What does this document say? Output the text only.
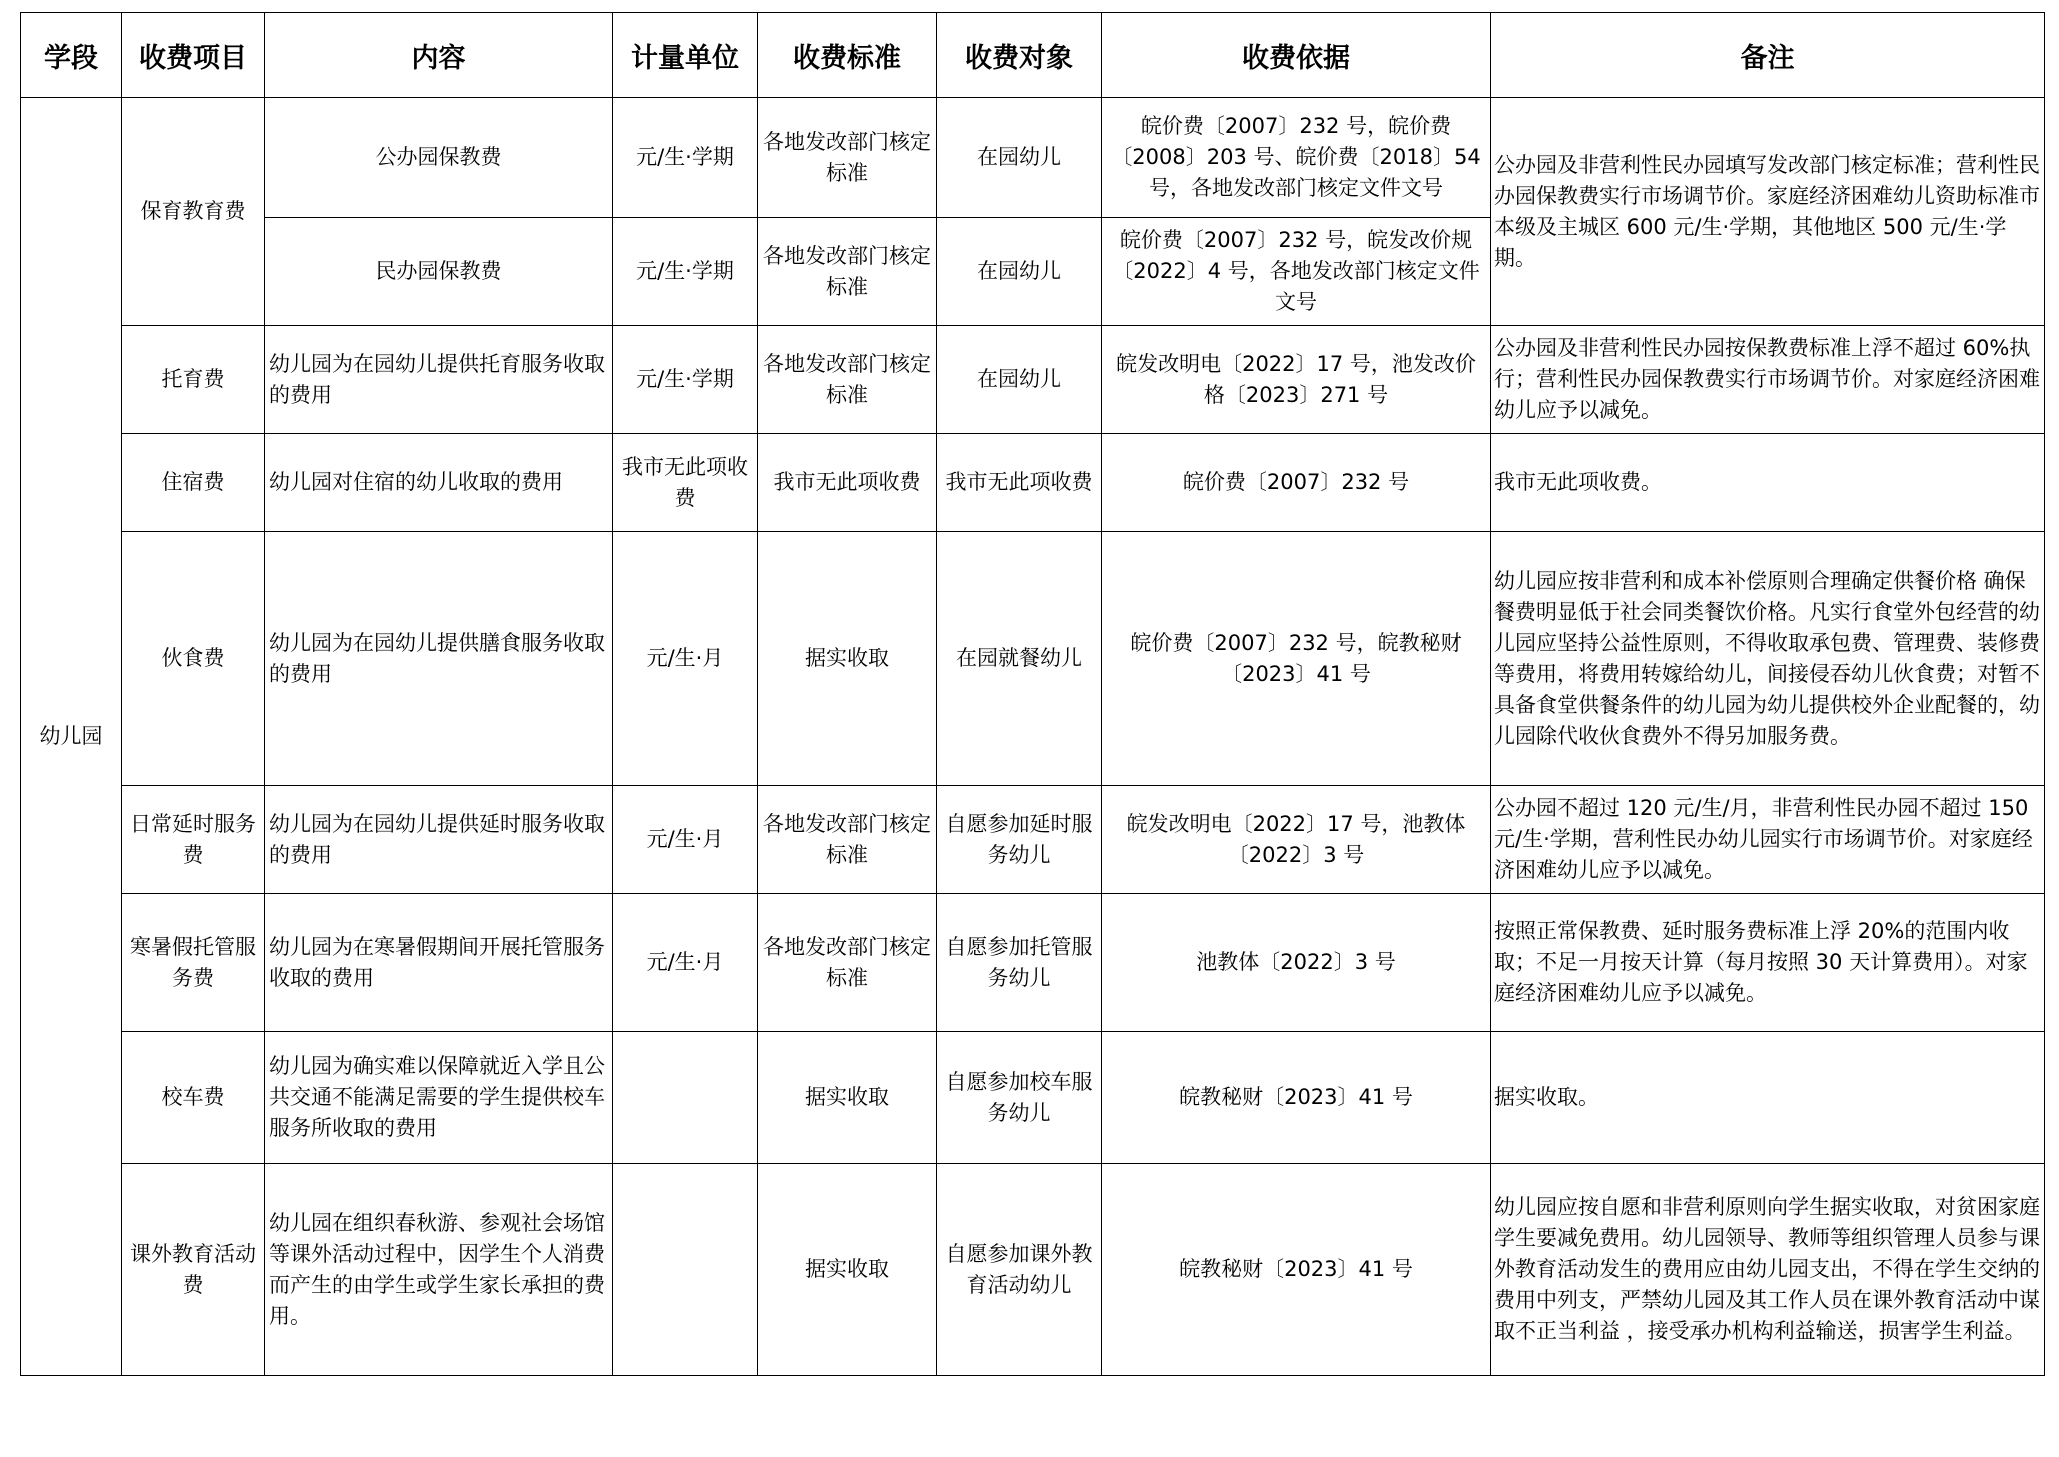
学段	收费项目	内容	计量单位	收费标准	收费对象	收费依据	备注
幼儿园	保育教育费	公办园保教费	元/生·学期	各地发改部门核定标准	在园幼儿	皖价费〔2007〕232 号，皖价费〔2008〕203 号、皖价费〔2018〕54 号，各地发改部门核定文件文号	公办园及非营利性民办园填写发改部门核定标准；营利性民办园保教费实行市场调节价。家庭经济困难幼儿资助标准市本级及主城区 600 元/生·学期，其他地区 500 元/生·学期。
		民办园保教费	元/生·学期	各地发改部门核定标准	在园幼儿	皖价费〔2007〕232 号，皖发改价规〔2022〕4 号，各地发改部门核定文件文号	
	托育费	幼儿园为在园幼儿提供托育服务收取的费用	元/生·学期	各地发改部门核定标准	在园幼儿	皖发改明电〔2022〕17 号，池发改价格〔2023〕271 号	公办园及非营利性民办园按保教费标准上浮不超过 60%执行；营利性民办园保教费实行市场调节价。对家庭经济困难幼儿应予以减免。
	住宿费	幼儿园对住宿的幼儿收取的费用	我市无此项收费	我市无此项收费	我市无此项收费	皖价费〔2007〕232 号	我市无此项收费。
	伙食费	幼儿园为在园幼儿提供膳食服务收取的费用	元/生·月	据实收取	在园就餐幼儿	皖价费〔2007〕232 号，皖教秘财〔2023〕41 号	幼儿园应按非营利和成本补偿原则合理确定供餐价格 确保餐费明显低于社会同类餐饮价格。凡实行食堂外包经营的幼儿园应坚持公益性原则，不得收取承包费、管理费、装修费等费用，将费用转嫁给幼儿，间接侵吞幼儿伙食费；对暂不具备食堂供餐条件的幼儿园为幼儿提供校外企业配餐的，幼儿园除代收伙食费外不得另加服务费。
	日常延时服务费	幼儿园为在园幼儿提供延时服务收取的费用	元/生·月	各地发改部门核定标准	自愿参加延时服务幼儿	皖发改明电〔2022〕17 号，池教体〔2022〕3 号	公办园不超过 120 元/生/月，非营利性民办园不超过 150 元/生·学期，营利性民办幼儿园实行市场调节价。对家庭经济困难幼儿应予以减免。
	寒暑假托管服务费	幼儿园为在寒暑假期间开展托管服务收取的费用	元/生·月	各地发改部门核定标准	自愿参加托管服务幼儿	池教体〔2022〕3 号	按照正常保教费、延时服务费标准上浮 20%的范围内收取；不足一月按天计算（每月按照 30 天计算费用）。对家庭经济困难幼儿应予以减免。
	校车费	幼儿园为确实难以保障就近入学且公共交通不能满足需要的学生提供校车服务所收取的费用		据实收取	自愿参加校车服务幼儿	皖教秘财〔2023〕41 号	据实收取。
	课外教育活动费	幼儿园在组织春秋游、参观社会场馆等课外活动过程中，因学生个人消费而产生的由学生或学生家长承担的费用。		据实收取	自愿参加课外教育活动幼儿	皖教秘财〔2023〕41 号	幼儿园应按自愿和非营利原则向学生据实收取，对贫困家庭学生要减免费用。幼儿园领导、教师等组织管理人员参与课外教育活动发生的费用应由幼儿园支出，不得在学生交纳的费用中列支，严禁幼儿园及其工作人员在课外教育活动中谋取不正当利益 ，接受承办机构利益输送，损害学生利益。
